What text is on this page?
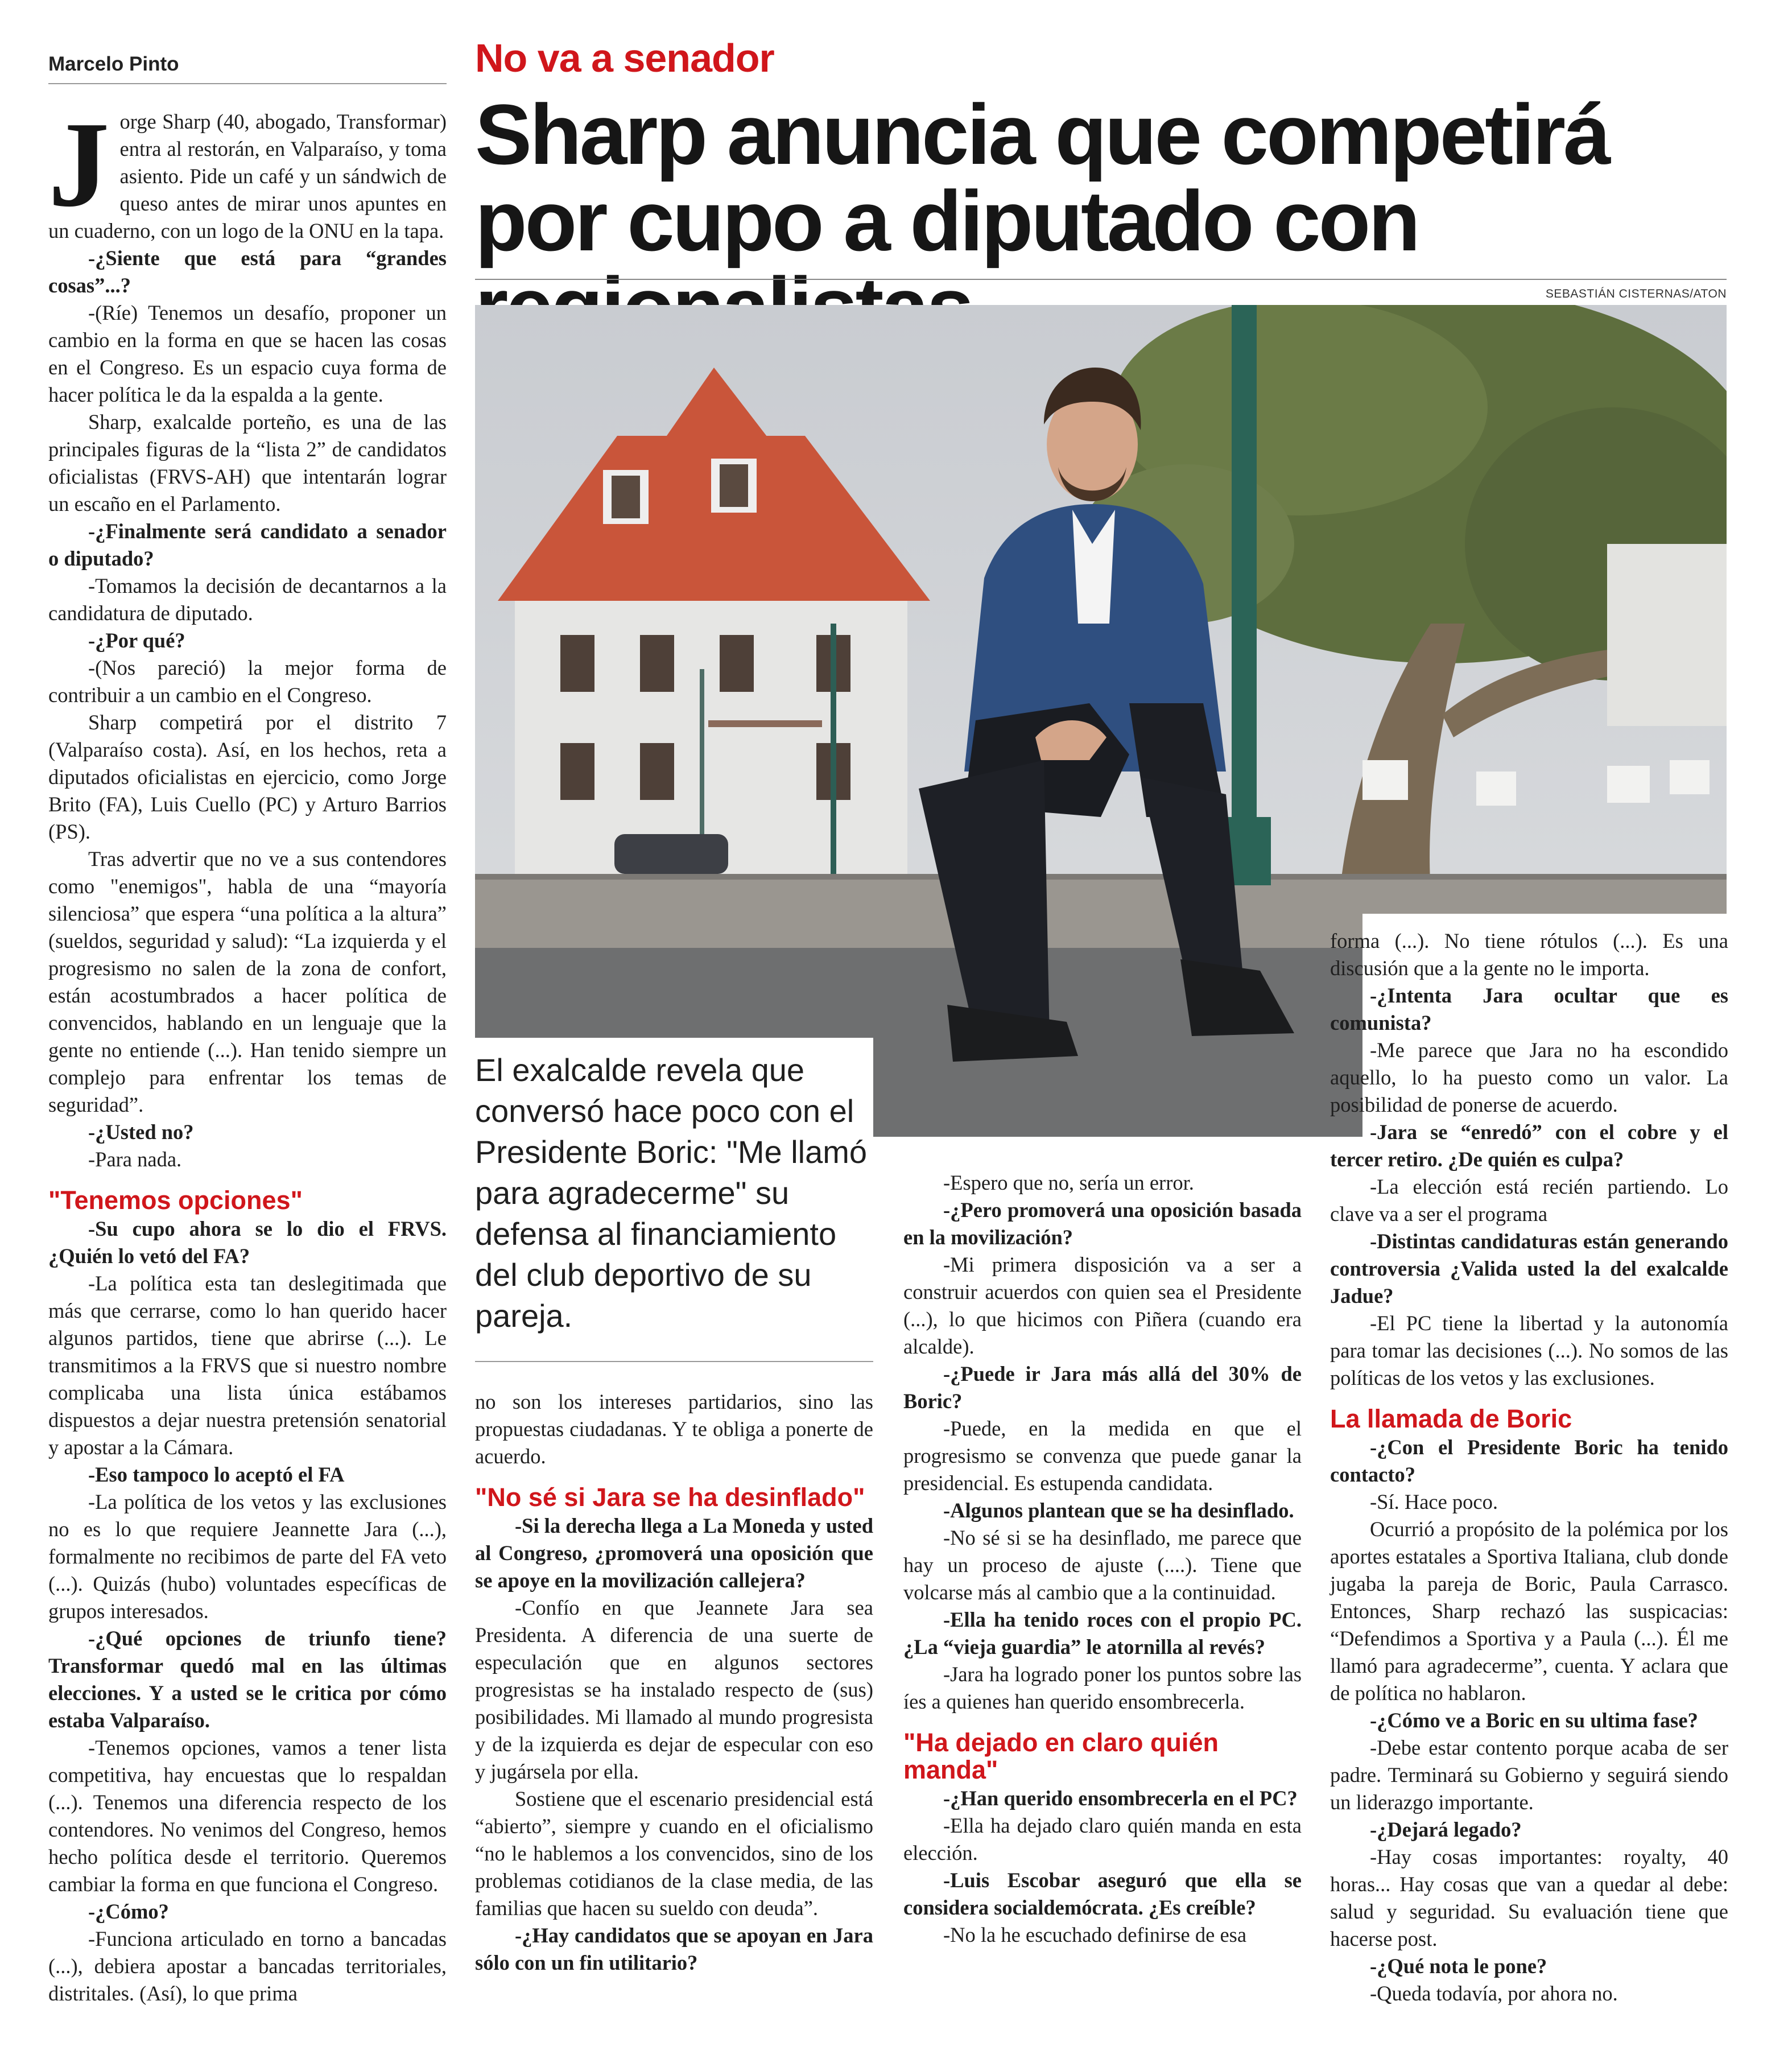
Marcelo Pinto	No va a senador
Sharp anuncia que competirá por cupo a diputado con
SEBASTIÁN CISTERNAS/ATON
El exalcalde revela que conversó hace poco con el Presidente Boric: "Me llamó para agradecerme" su defensa al financiamiento del club deportivo de su pareja.
J orge Sharp (40, abogado, Transformar) entra al restorán, en Valparaíso, y toma asiento. Pide un café y un sándwich de queso antes de mirar unos apuntes en un cuaderno, con un logo de la ONU en la tapa.

-¿Siente que está para “grandes cosas”...?

-(Ríe) Tenemos un desafío, proponer un cambio en la forma en que se hacen las cosas en el Congreso. Es un espacio cuya forma de hacer política le da la espalda a la gente.

Sharp, exalcalde porteño, es una de las principales figuras de la “lista 2” de candidatos oficialistas (FRVS-AH) que intentarán lograr un escaño en el Parlamento.

-¿Finalmente será candidato a senador o diputado?

-Tomamos la decisión de decantarnos a la candidatura de diputado.

-¿Por qué?

-(Nos pareció) la mejor forma de contribuir a un cambio en el Congreso.

Sharp competirá por el distrito 7 (Valparaíso costa). Así, en los hechos, reta a diputados oficialistas en ejercicio, como Jorge Brito (FA), Luis Cuello (PC) y Arturo Barrios (PS).

Tras advertir que no ve a sus contendores como "enemigos", habla de una “mayoría silenciosa” que espera “una política a la altura” (sueldos, seguridad y salud): “La izquierda y el progresismo no salen de la zona de confort, están acostumbrados a hacer política de convencidos, hablando en un lenguaje que la gente no entiende (...). Han tenido siempre un complejo para enfrentar los temas de seguridad”.

-¿Usted no?

-Para nada.

"Tenemos opciones"

-Su cupo ahora se lo dio el FRVS. ¿Quién lo vetó del FA?

-La política esta tan deslegitimada que más que cerrarse, como lo han querido hacer algunos partidos, tiene que abrirse (...). Le transmitimos a la FRVS que si nuestro nombre complicaba una lista única estábamos dispuestos a dejar nuestra pretensión senatorial y apostar a la Cámara.

-Eso tampoco lo aceptó el FA

-La política de los vetos y las exclusiones no es lo que requiere Jeannette Jara (...), formalmente no recibimos de parte del FA veto (...). Quizás (hubo) voluntades específicas de grupos interesados.

-¿Qué opciones de triunfo tiene? Transformar quedó mal en las últimas elecciones. Y a usted se le critica por cómo estaba Valparaíso.

-Tenemos opciones, vamos a tener lista competitiva, hay encuestas que lo respaldan (...). Tenemos una diferencia respecto de los contendores. No venimos del Congreso, hemos hecho política desde el territorio. Queremos cambiar la forma en que funciona el Congreso.

-¿Cómo?

-Funciona articulado en torno a bancadas (...), debiera apostar a bancadas territoriales, distritales. (Así), lo que prima

no son los intereses partidarios, sino las propuestas ciudadanas. Y te obliga a ponerte de acuerdo.

"No sé si Jara se ha desinflado"

-Si la derecha llega a La Moneda y usted al Congreso, ¿promoverá una oposición que se apoye en la movilización callejera?

-Confío en que Jeannete Jara sea Presidenta. A diferencia de una suerte de especulación que en algunos sectores progresistas se ha instalado respecto de (sus) posibilidades. Mi llamado al mundo progresista y de la izquierda es dejar de especular con eso y jugársela por ella.

Sostiene que el escenario presidencial está “abierto”, siempre y cuando en el oficialismo “no le hablemos a los convencidos, sino de los problemas cotidianos de la clase media, de las familias que hacen su sueldo con deuda”.

-¿Hay candidatos que se apoyan en Jara sólo con un fin utilitario?

-Espero que no, sería un error.

-¿Pero promoverá una oposición basada en la movilización?

-Mi primera disposición va a ser a construir acuerdos con quien sea el Presidente (...), lo que hicimos con Piñera (cuando era alcalde).

-¿Puede ir Jara más allá del 30% de Boric?

-Puede, en la medida en que el progresismo se convenza que puede ganar la presidencial. Es estupenda candidata.

-Algunos plantean que se ha desinflado.

-No sé si se ha desinflado, me parece que hay un proceso de ajuste (....). Tiene que volcarse más al cambio que a la continuidad.

-Ella ha tenido roces con el propio PC. ¿La “vieja guardia” le atornilla al revés?

-Jara ha logrado poner los puntos sobre las íes a quienes han querido ensombrecerla.

"Ha dejado en claro quién manda"

-¿Han querido ensombrecerla en el PC?

-Ella ha dejado claro quién manda en esta elección.

-Luis Escobar aseguró que ella se considera socialdemócrata. ¿Es creíble?

-No la he escuchado definirse de esa

forma (...). No tiene rótulos (...). Es una discusión que a la gente no le importa.

-¿Intenta Jara ocultar que es comunista?

-Me parece que Jara no ha escondido aquello, lo ha puesto como un valor. La posibilidad de ponerse de acuerdo.

-Jara se “enredó” con el cobre y el tercer retiro. ¿De quién es culpa?

-La elección está recién partiendo. Lo clave va a ser el programa

-Distintas candidaturas están generando controversia ¿Valida usted la del exalcalde Jadue?

-El PC tiene la libertad y la autonomía para tomar las decisiones (...). No somos de las políticas de los vetos y las exclusiones.

La llamada de Boric

-¿Con el Presidente Boric ha tenido contacto?

-Sí. Hace poco.

Ocurrió a propósito de la polémica por los aportes estatales a Sportiva Italiana, club donde jugaba la pareja de Boric, Paula Carrasco. Entonces, Sharp rechazó las suspicacias: “Defendimos a Sportiva y a Paula (...). Él me llamó para agradecerme”, cuenta. Y aclara que de política no hablaron.

-¿Cómo ve a Boric en su ultima fase?

-Debe estar contento porque acaba de ser padre. Terminará su Gobierno y seguirá siendo un liderazgo importante.

-¿Dejará legado?

-Hay cosas importantes: royalty, 40 horas... Hay cosas que van a quedar al debe: salud y seguridad. Su evaluación tiene que hacerse post.

-¿Qué nota le pone?

-Queda todavía, por ahora no.
